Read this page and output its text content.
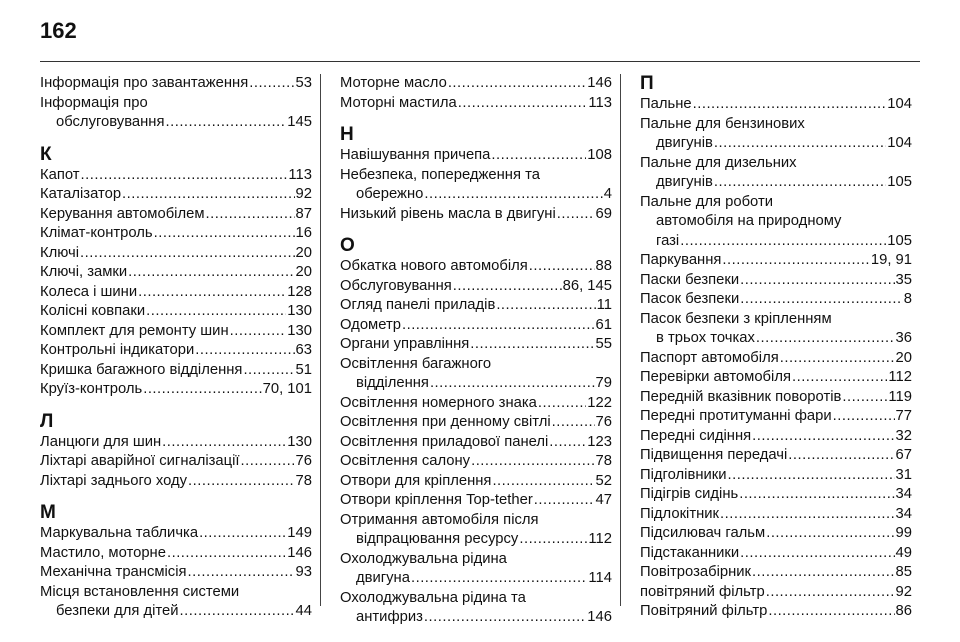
162
Інформація про завантаження .....	53
Інформація про
обслуговування .....	145
К
Капот .....	113
Каталізатор .....	92
Керування автомобілем .....	87
Клімат-контроль .....	16
Ключі .....	20
Ключі, замки .....	20
Колеса і шини .....	128
Колісні ковпаки .....	130
Комплект для ремонту шин .....	130
Контрольні індикатори .....	63
Кришка багажного відділення .....	51
Круїз-контроль .....	70, 101
Л
Ланцюги для шин .....	130
Ліхтарі аварійної сигналізації .....	76
Ліхтарі заднього ходу .....	78
М
Маркувальна табличка .....	149
Мастило, моторне .....	146
Механічна трансмісія .....	93
Місця встановлення системи
безпеки для дітей .....	44
Моторне масло .....	146
Моторні мастила .....	113
Н
Навішування причепа .....	108
Небезпека, попередження та
обережно .....	4
Низький рівень масла в двигуні .....	69
О
Обкатка нового автомобіля .....	88
Обслуговування .....	86, 145
Огляд панелі приладів .....	11
Одометр .....	61
Органи управління .....	55
Освітлення багажного
відділення .....	79
Освітлення номерного знака .....	122
Освітлення при денному світлі .....	76
Освітлення приладової панелі .....	123
Освітлення салону .....	78
Отвори для кріплення .....	52
Отвори кріплення Top-tether .....	47
Отримання автомобіля після
відпрацювання ресурсу .....	112
Охолоджувальна рідина
двигуна .....	114
Охолоджувальна рідина та
антифриз .....	146
П
Пальне .....	104
Пальне для бензинових
двигунів .....	104
Пальне для дизельних
двигунів .....	105
Пальне для роботи
автомобіля на природному
газі .....	105
Паркування .....	19, 91
Паски безпеки .....	35
Пасок безпеки .....	8
Пасок безпеки з кріпленням
в трьох точках .....	36
Паспорт автомобіля .....	20
Перевірки автомобіля .....	112
Передній вказівник поворотів .....	119
Передні протитуманні фари .....	77
Передні сидіння .....	32
Підвищення передачі .....	67
Підголівники .....	31
Підігрів сидінь .....	34
Підлокітник .....	34
Підсилювач гальм .....	99
Підстаканники .....	49
Повітрозабірник .....	85
повітряний фільтр .....	92
Повітряний фільтр .....	86
